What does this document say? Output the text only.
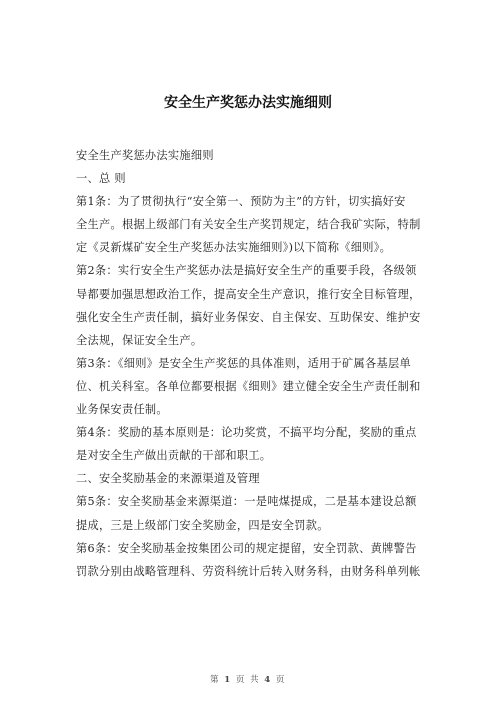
安全生产奖惩办法实施细则

安全生产奖惩办法实施细则

一、总 则

第1条：为了贯彻执行“安全第一、预防为主”的方针，切实搞好安

全生产。根据上级部门有关安全生产奖罚规定，结合我矿实际，特制

定《灵新煤矿安全生产奖惩办法实施细则》)以下简称《细则》。

第2条：实行安全生产奖惩办法是搞好安全生产的重要手段，各级领

导都要加强思想政治工作，提高安全生产意识，推行安全目标管理，

强化安全生产责任制，搞好业务保安、自主保安、互助保安、维护安

全法规，保证安全生产。

第3条：《细则》是安全生产奖惩的具体准则，适用于矿属各基层单

位、机关科室。各单位都要根据《细则》建立健全安全生产责任制和

业务保安责任制。

第4条：奖励的基本原则是：论功奖赏，不搞平均分配，奖励的重点

是对安全生产做出贡献的干部和职工。

二、安全奖励基金的来源渠道及管理

第5条：安全奖励基金来源渠道：一是吨煤提成，二是基本建设总额

提成，三是上级部门安全奖励金，四是安全罚款。

第6条：安全奖励基金按集团公司的规定提留，安全罚款、黄牌警告

罚款分别由战略管理科、劳资科统计后转入财务科，由财务科单列帐

第 1 页 共 4 页
